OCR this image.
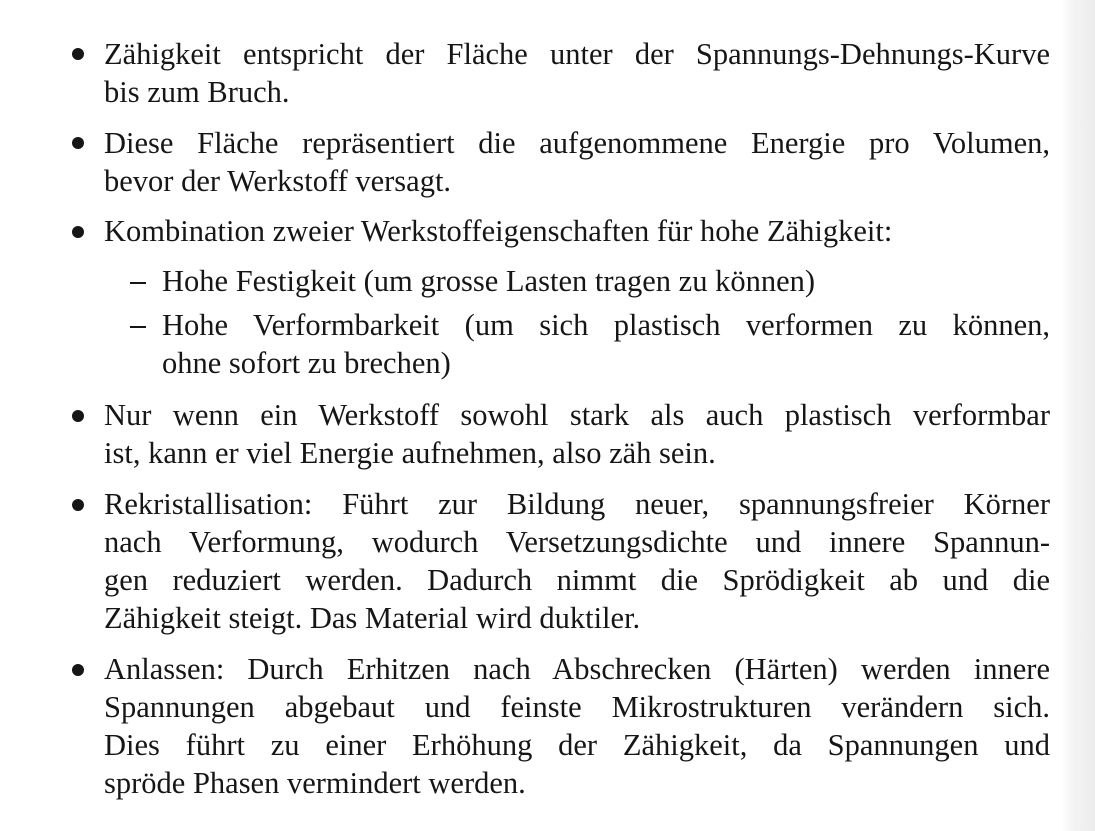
Zähigkeit entspricht der Fläche unter der Spannungs-Dehnungs-Kurve
bis zum Bruch.
Diese Fläche repräsentiert die aufgenommene Energie pro Volumen,
bevor der Werkstoff versagt.
Kombination zweier Werkstoffeigenschaften für hohe Zähigkeit:
Hohe Festigkeit (um grosse Lasten tragen zu können)
Hohe Verformbarkeit (um sich plastisch verformen zu können,
ohne sofort zu brechen)
Nur wenn ein Werkstoff sowohl stark als auch plastisch verformbar
ist, kann er viel Energie aufnehmen, also zäh sein.
Rekristallisation: Führt zur Bildung neuer, spannungsfreier Körner
nach Verformung, wodurch Versetzungsdichte und innere Spannun-
gen reduziert werden. Dadurch nimmt die Sprödigkeit ab und die
Zähigkeit steigt. Das Material wird duktiler.
Anlassen: Durch Erhitzen nach Abschrecken (Härten) werden innere
Spannungen abgebaut und feinste Mikrostrukturen verändern sich.
Dies führt zu einer Erhöhung der Zähigkeit, da Spannungen und
spröde Phasen vermindert werden.
